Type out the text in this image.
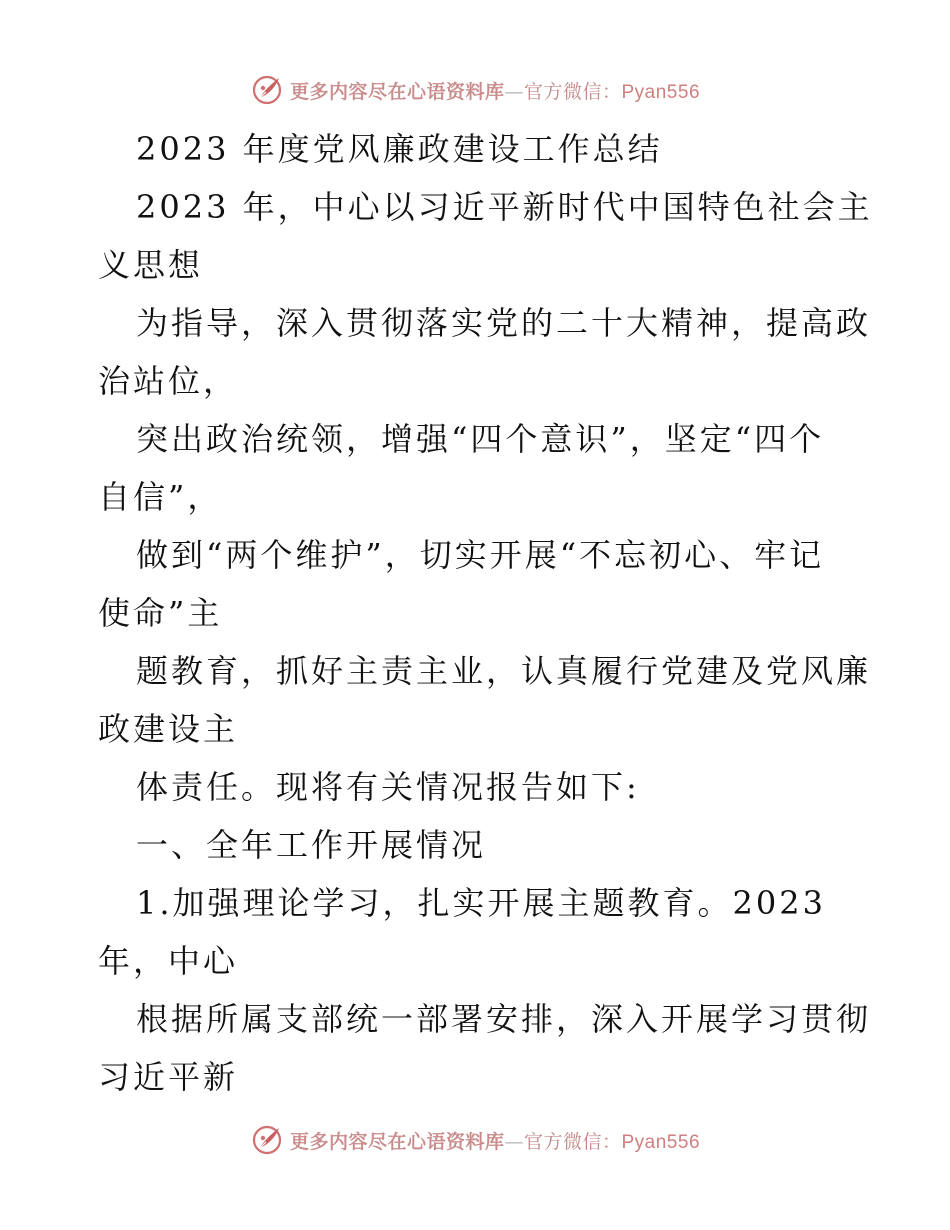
更多内容尽在心语资料库—官方微信：Pyan556
2023 年度党风廉政建设工作总结
2023 年，中心以习近平新时代中国特色社会主
义思想
为指导，深入贯彻落实党的二十大精神，提高政
治站位，
突出政治统领，增强“四个意识”，坚定“四个
自信”，
做到“两个维护”，切实开展“不忘初心、牢记
使命”主
题教育，抓好主责主业，认真履行党建及党风廉
政建设主
体责任。现将有关情况报告如下:
一、全年工作开展情况
1.加强理论学习，扎实开展主题教育。2023
年，中心
根据所属支部统一部署安排，深入开展学习贯彻
习近平新
更多内容尽在心语资料库—官方微信：Pyan556
